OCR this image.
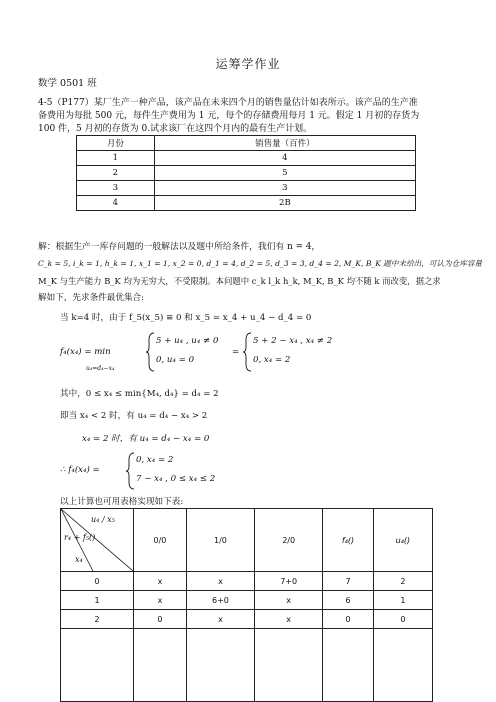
运筹学作业
数学 0501 班
4-5（P177）某厂生产一种产品，该产品在未来四个月的销售量估计如表所示。该产品的生产准
备费用为每批 500 元，每件生产费用为 1 元，每个的存储费用每月 1 元。假定 1 月初的存货为
100 件，5 月初的存货为 0.试求该厂在这四个月内的最有生产计划。
月份	销售量（百件）
1	4
2	5
3	3
4	2B
解：根据生产一库存问题的一般解法以及题中所给条件，我们有 n = 4，
C_k = 5, i_k = 1, h_k = 1, x_1 = 1, x_2 = 0, d_1 = 4, d_2 = 5, d_3 = 3, d_4 = 2, M_K, B_K 题中未给出，可认为仓库容量
M_K 与生产能力 B_K 均为无穷大，不受限制。本问题中 c_k l_k h_k, M_K, B_K 均不随 k 而改变，据之求
解如下，先求条件最优集合:
当 k=4 时，由于 f_5(x_5) ≡ 0 和 x_5 = x_4 + u_4 − d_4 = 0
f₄(x₄) = min
u₄=d₄−x₄
5 + u₄ , u₄ ≠ 0
0, u₄ = 0
=
5 + 2 − x₄ , x₄ ≠ 2
0, x₄ = 2
其中，0 ≤ x₄ ≤ min{M₄, d₄} = d₄ = 2
即当 x₄ < 2 时，有 u₄ = d₄ − x₄ > 2
x₄ = 2 时，有 u₄ = d₄ − x₄ = 0
∴ f₄(x₄) =
0, x₄ = 2
7 − x₄ , 0 ≤ x₄ ≤ 2
以上计算也可用表格实现如下表:
u₄ / x₅
r₄ + f₅()
x₄	0/0	1/0	2/0	f₄()	u₄()
0	x	x	7+0	7	2
1	x	6+0	x	6	1
2	0	x	x	0	0
